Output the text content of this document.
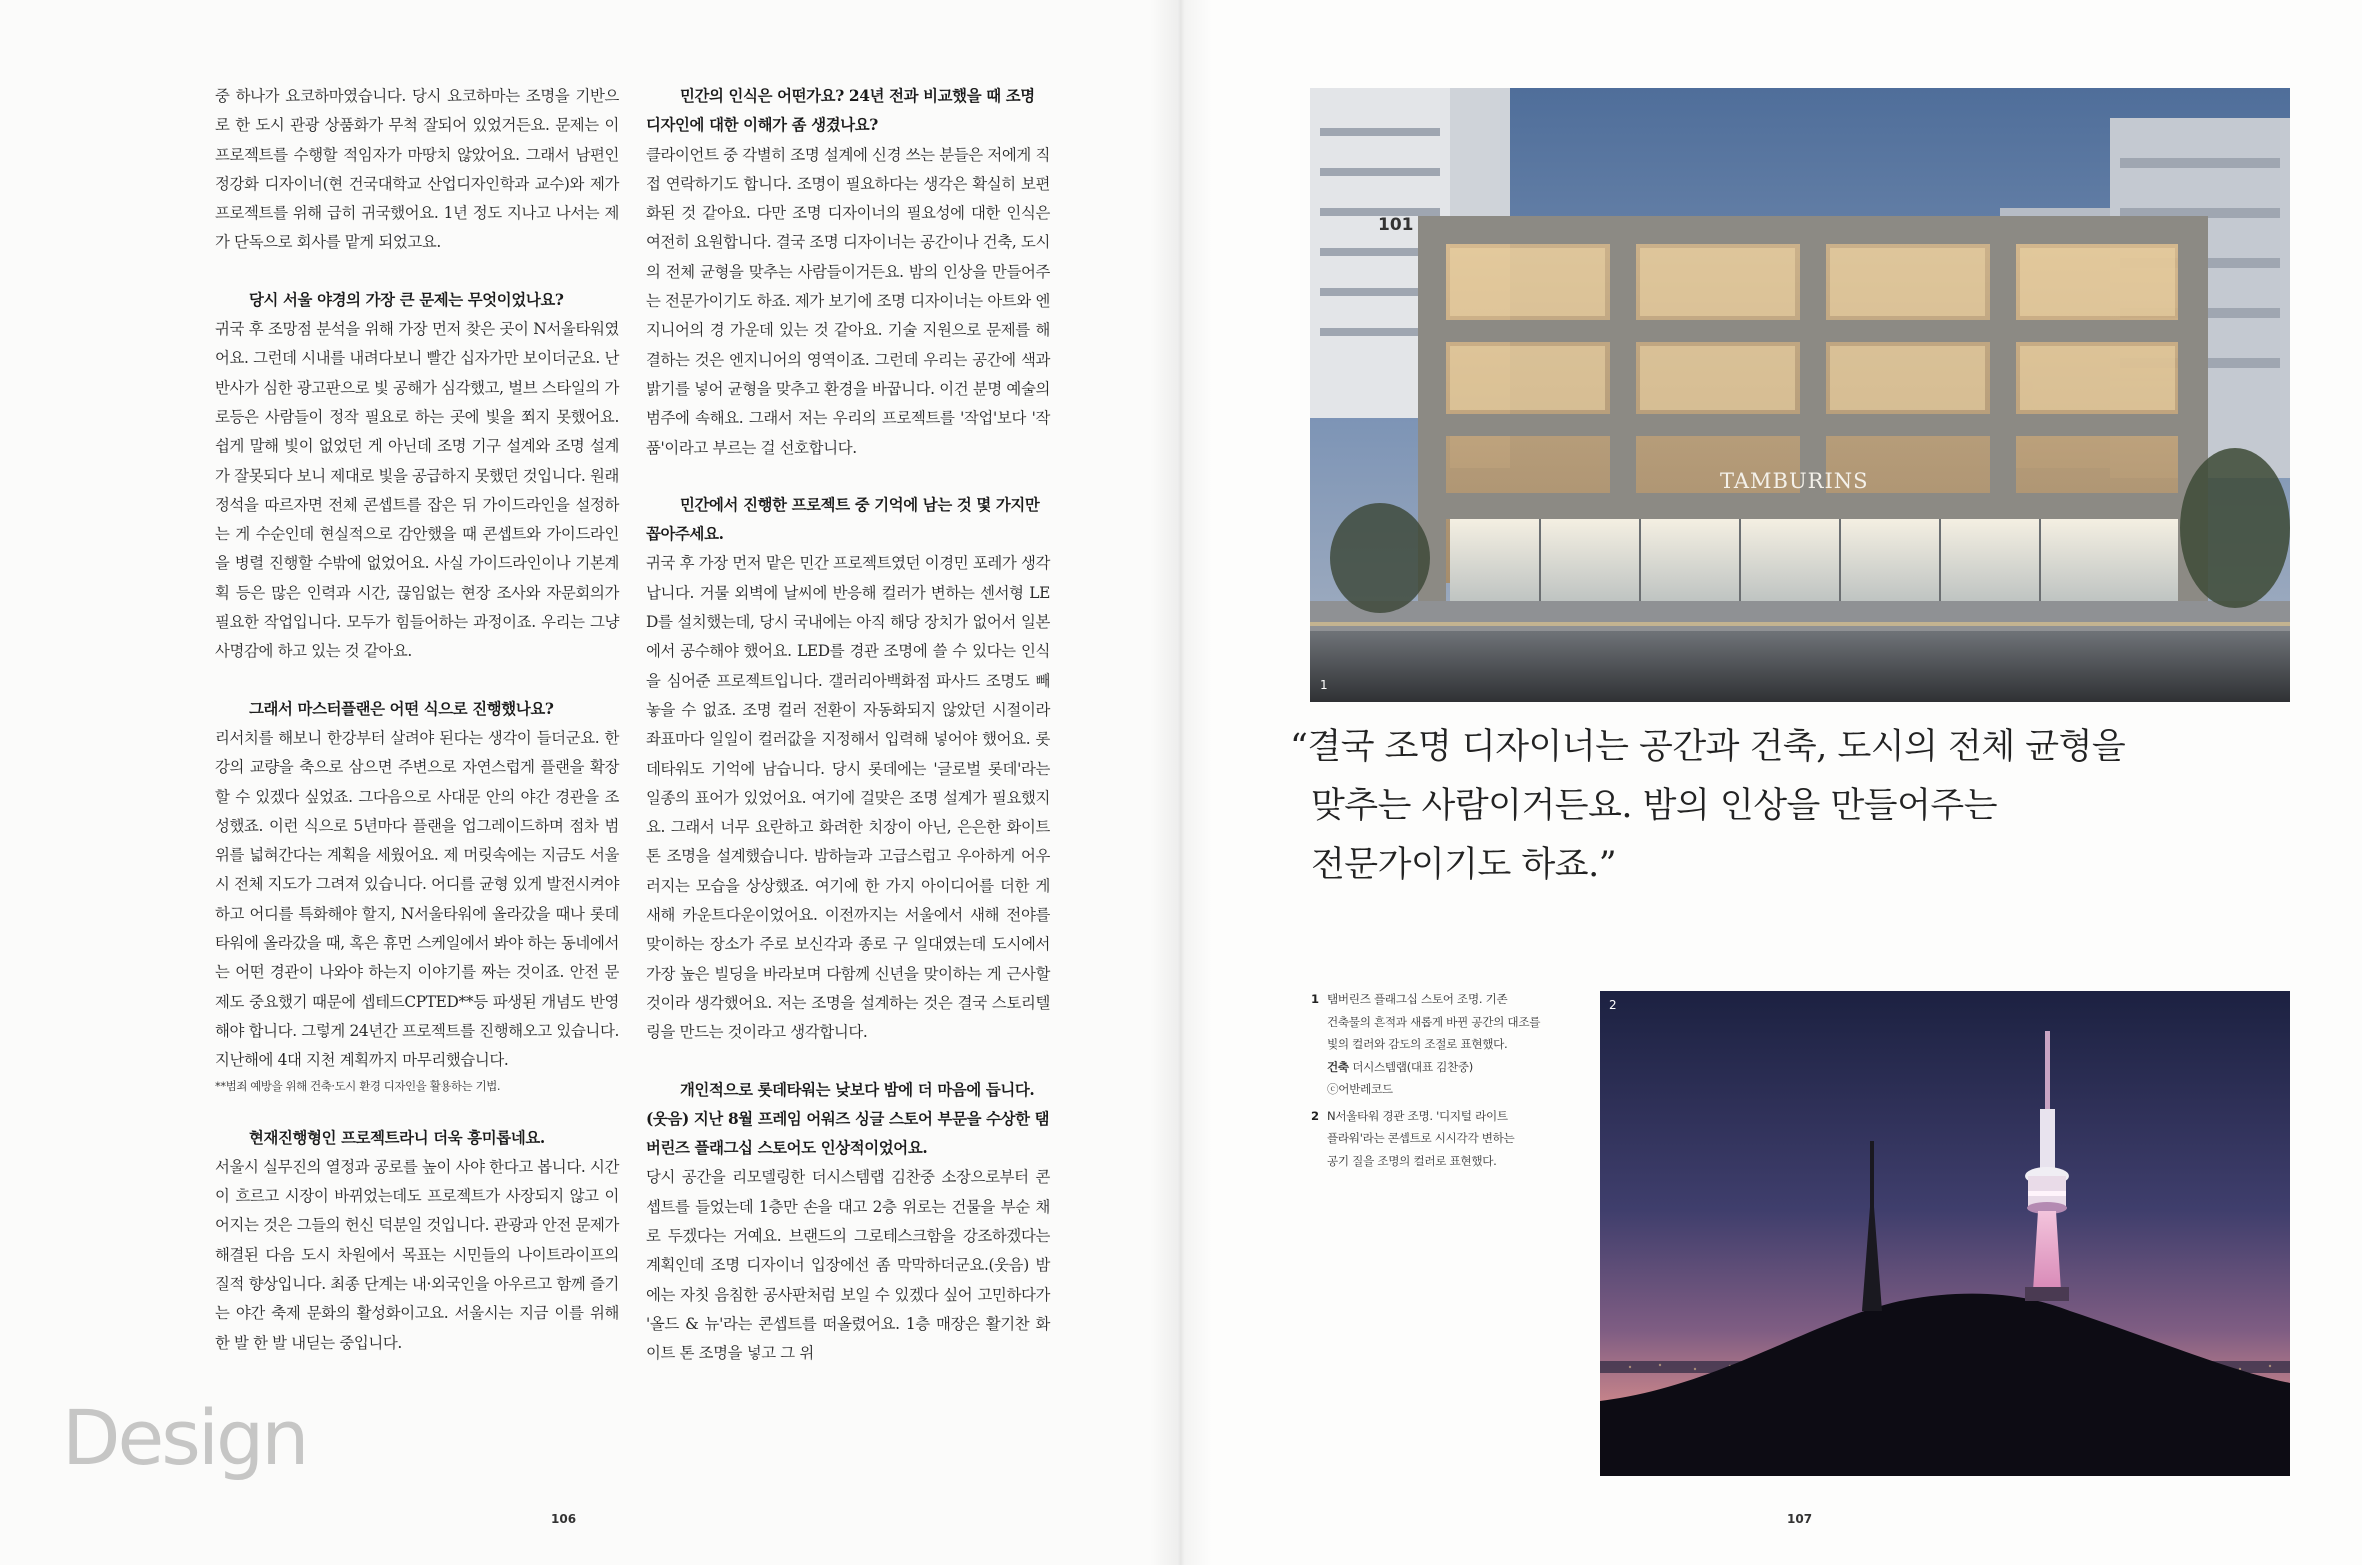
중 하나가 요코하마였습니다. 당시 요코하마는 조명을 기반으로 한 도시 관광 상품화가 무척 잘되어 있었거든요. 문제는 이 프로젝트를 수행할 적임자가 마땅치 않았어요. 그래서 남편인 정강화 디자이너(현 건국대학교 산업디자인학과 교수)와 제가 프로젝트를 위해 급히 귀국했어요. 1년 정도 지나고 나서는 제가 단독으로 회사를 맡게 되었고요.
당시 서울 야경의 가장 큰 문제는 무엇이었나요?
귀국 후 조망점 분석을 위해 가장 먼저 찾은 곳이 N서울타워였어요. 그런데 시내를 내려다보니 빨간 십자가만 보이더군요. 난반사가 심한 광고판으로 빛 공해가 심각했고, 벌브 스타일의 가로등은 사람들이 정작 필요로 하는 곳에 빛을 쬐지 못했어요. 쉽게 말해 빛이 없었던 게 아닌데 조명 기구 설계와 조명 설계가 잘못되다 보니 제대로 빛을 공급하지 못했던 것입니다. 원래 정석을 따르자면 전체 콘셉트를 잡은 뒤 가이드라인을 설정하는 게 수순인데 현실적으로 감안했을 때 콘셉트와 가이드라인을 병렬 진행할 수밖에 없었어요. 사실 가이드라인이나 기본계획 등은 많은 인력과 시간, 끊임없는 현장 조사와 자문회의가 필요한 작업입니다. 모두가 힘들어하는 과정이죠. 우리는 그냥 사명감에 하고 있는 것 같아요.
그래서 마스터플랜은 어떤 식으로 진행했나요?
리서치를 해보니 한강부터 살려야 된다는 생각이 들더군요. 한강의 교량을 축으로 삼으면 주변으로 자연스럽게 플랜을 확장할 수 있겠다 싶었죠. 그다음으로 사대문 안의 야간 경관을 조성했죠. 이런 식으로 5년마다 플랜을 업그레이드하며 점차 범위를 넓혀간다는 계획을 세웠어요. 제 머릿속에는 지금도 서울시 전체 지도가 그려져 있습니다. 어디를 균형 있게 발전시켜야 하고 어디를 특화해야 할지, N서울타워에 올라갔을 때나 롯데타워에 올라갔을 때, 혹은 휴먼 스케일에서 봐야 하는 동네에서는 어떤 경관이 나와야 하는지 이야기를 짜는 것이죠. 안전 문제도 중요했기 때문에 셉테드CPTED**등 파생된 개념도 반영해야 합니다. 그렇게 24년간 프로젝트를 진행해오고 있습니다. 지난해에 4대 지천 계획까지 마무리했습니다.
**범죄 예방을 위해 건축·도시 환경 디자인을 활용하는 기법.
현재진행형인 프로젝트라니 더욱 흥미롭네요.
서울시 실무진의 열정과 공로를 높이 사야 한다고 봅니다. 시간이 흐르고 시장이 바뀌었는데도 프로젝트가 사장되지 않고 이어지는 것은 그들의 헌신 덕분일 것입니다. 관광과 안전 문제가 해결된 다음 도시 차원에서 목표는 시민들의 나이트라이프의 질적 향상입니다. 최종 단계는 내·외국인을 아우르고 함께 즐기는 야간 축제 문화의 활성화이고요. 서울시는 지금 이를 위해 한 발 한 발 내딛는 중입니다.
민간의 인식은 어떤가요? 24년 전과 비교했을 때 조명 디자인에 대한 이해가 좀 생겼나요?
클라이언트 중 각별히 조명 설계에 신경 쓰는 분들은 저에게 직접 연락하기도 합니다. 조명이 필요하다는 생각은 확실히 보편화된 것 같아요. 다만 조명 디자이너의 필요성에 대한 인식은 여전히 요원합니다. 결국 조명 디자이너는 공간이나 건축, 도시의 전체 균형을 맞추는 사람들이거든요. 밤의 인상을 만들어주는 전문가이기도 하죠. 제가 보기에 조명 디자이너는 아트와 엔지니어의 경 가운데 있는 것 같아요. 기술 지원으로 문제를 해결하는 것은 엔지니어의 영역이죠. 그런데 우리는 공간에 색과 밝기를 넣어 균형을 맞추고 환경을 바꿉니다. 이건 분명 예술의 범주에 속해요. 그래서 저는 우리의 프로젝트를 '작업'보다 '작품'이라고 부르는 걸 선호합니다.
민간에서 진행한 프로젝트 중 기억에 남는 것 몇 가지만 꼽아주세요.
귀국 후 가장 먼저 맡은 민간 프로젝트였던 이경민 포레가 생각납니다. 거물 외벽에 날씨에 반응해 컬러가 변하는 센서형 LED를 설치했는데, 당시 국내에는 아직 해당 장치가 없어서 일본에서 공수해야 했어요. LED를 경관 조명에 쓸 수 있다는 인식을 심어준 프로젝트입니다. 갤러리아백화점 파사드 조명도 빼놓을 수 없죠. 조명 컬러 전환이 자동화되지 않았던 시절이라 좌표마다 일일이 컬러값을 지정해서 입력해 넣어야 했어요. 롯데타워도 기억에 남습니다. 당시 롯데에는 '글로벌 롯데'라는 일종의 표어가 있었어요. 여기에 걸맞은 조명 설계가 필요했지요. 그래서 너무 요란하고 화려한 치장이 아닌, 은은한 화이트 톤 조명을 설계했습니다. 밤하늘과 고급스럽고 우아하게 어우러지는 모습을 상상했죠. 여기에 한 가지 아이디어를 더한 게 새해 카운트다운이었어요. 이전까지는 서울에서 새해 전야를 맞이하는 장소가 주로 보신각과 종로 구 일대였는데 도시에서 가장 높은 빌딩을 바라보며 다함께 신년을 맞이하는 게 근사할 것이라 생각했어요. 저는 조명을 설계하는 것은 결국 스토리텔링을 만드는 것이라고 생각합니다.
개인적으로 롯데타워는 낮보다 밤에 더 마음에 듭니다.(웃음) 지난 8월 프레임 어워즈 싱글 스토어 부문을 수상한 탬버린즈 플래그십 스토어도 인상적이었어요.
당시 공간을 리모델링한 더시스템랩 김찬중 소장으로부터 콘셉트를 들었는데 1층만 손을 대고 2층 위로는 건물을 부순 채로 두겠다는 거예요. 브랜드의 그로테스크함을 강조하겠다는 계획인데 조명 디자이너 입장에선 좀 막막하더군요.(웃음) 밤에는 자칫 음침한 공사판처럼 보일 수 있겠다 싶어 고민하다가 '올드 & 뉴'라는 콘셉트를 떠올렸어요. 1층 매장은 활기찬 화이트 톤 조명을 넣고 그 위
106	107
101
TAMBURINS
1
“결국 조명 디자이너는 공간과 건축, 도시의 전체 균형을
맞추는 사람이거든요. 밤의 인상을 만들어주는
전문가이기도 하죠.”
1 탬버린즈 플래그십 스토어 조명. 기존
건축물의 흔적과 새롭게 바뀐 공간의 대조를
빛의 컬러와 감도의 조절로 표현했다.
건축 더시스템랩(대표 김찬중)
ⓒ어반레코드
2 N서울타워 경관 조명. '디지털 라이트
플라워'라는 콘셉트로 시시각각 변하는
공기 질을 조명의 컬러로 표현했다.
2
Design
